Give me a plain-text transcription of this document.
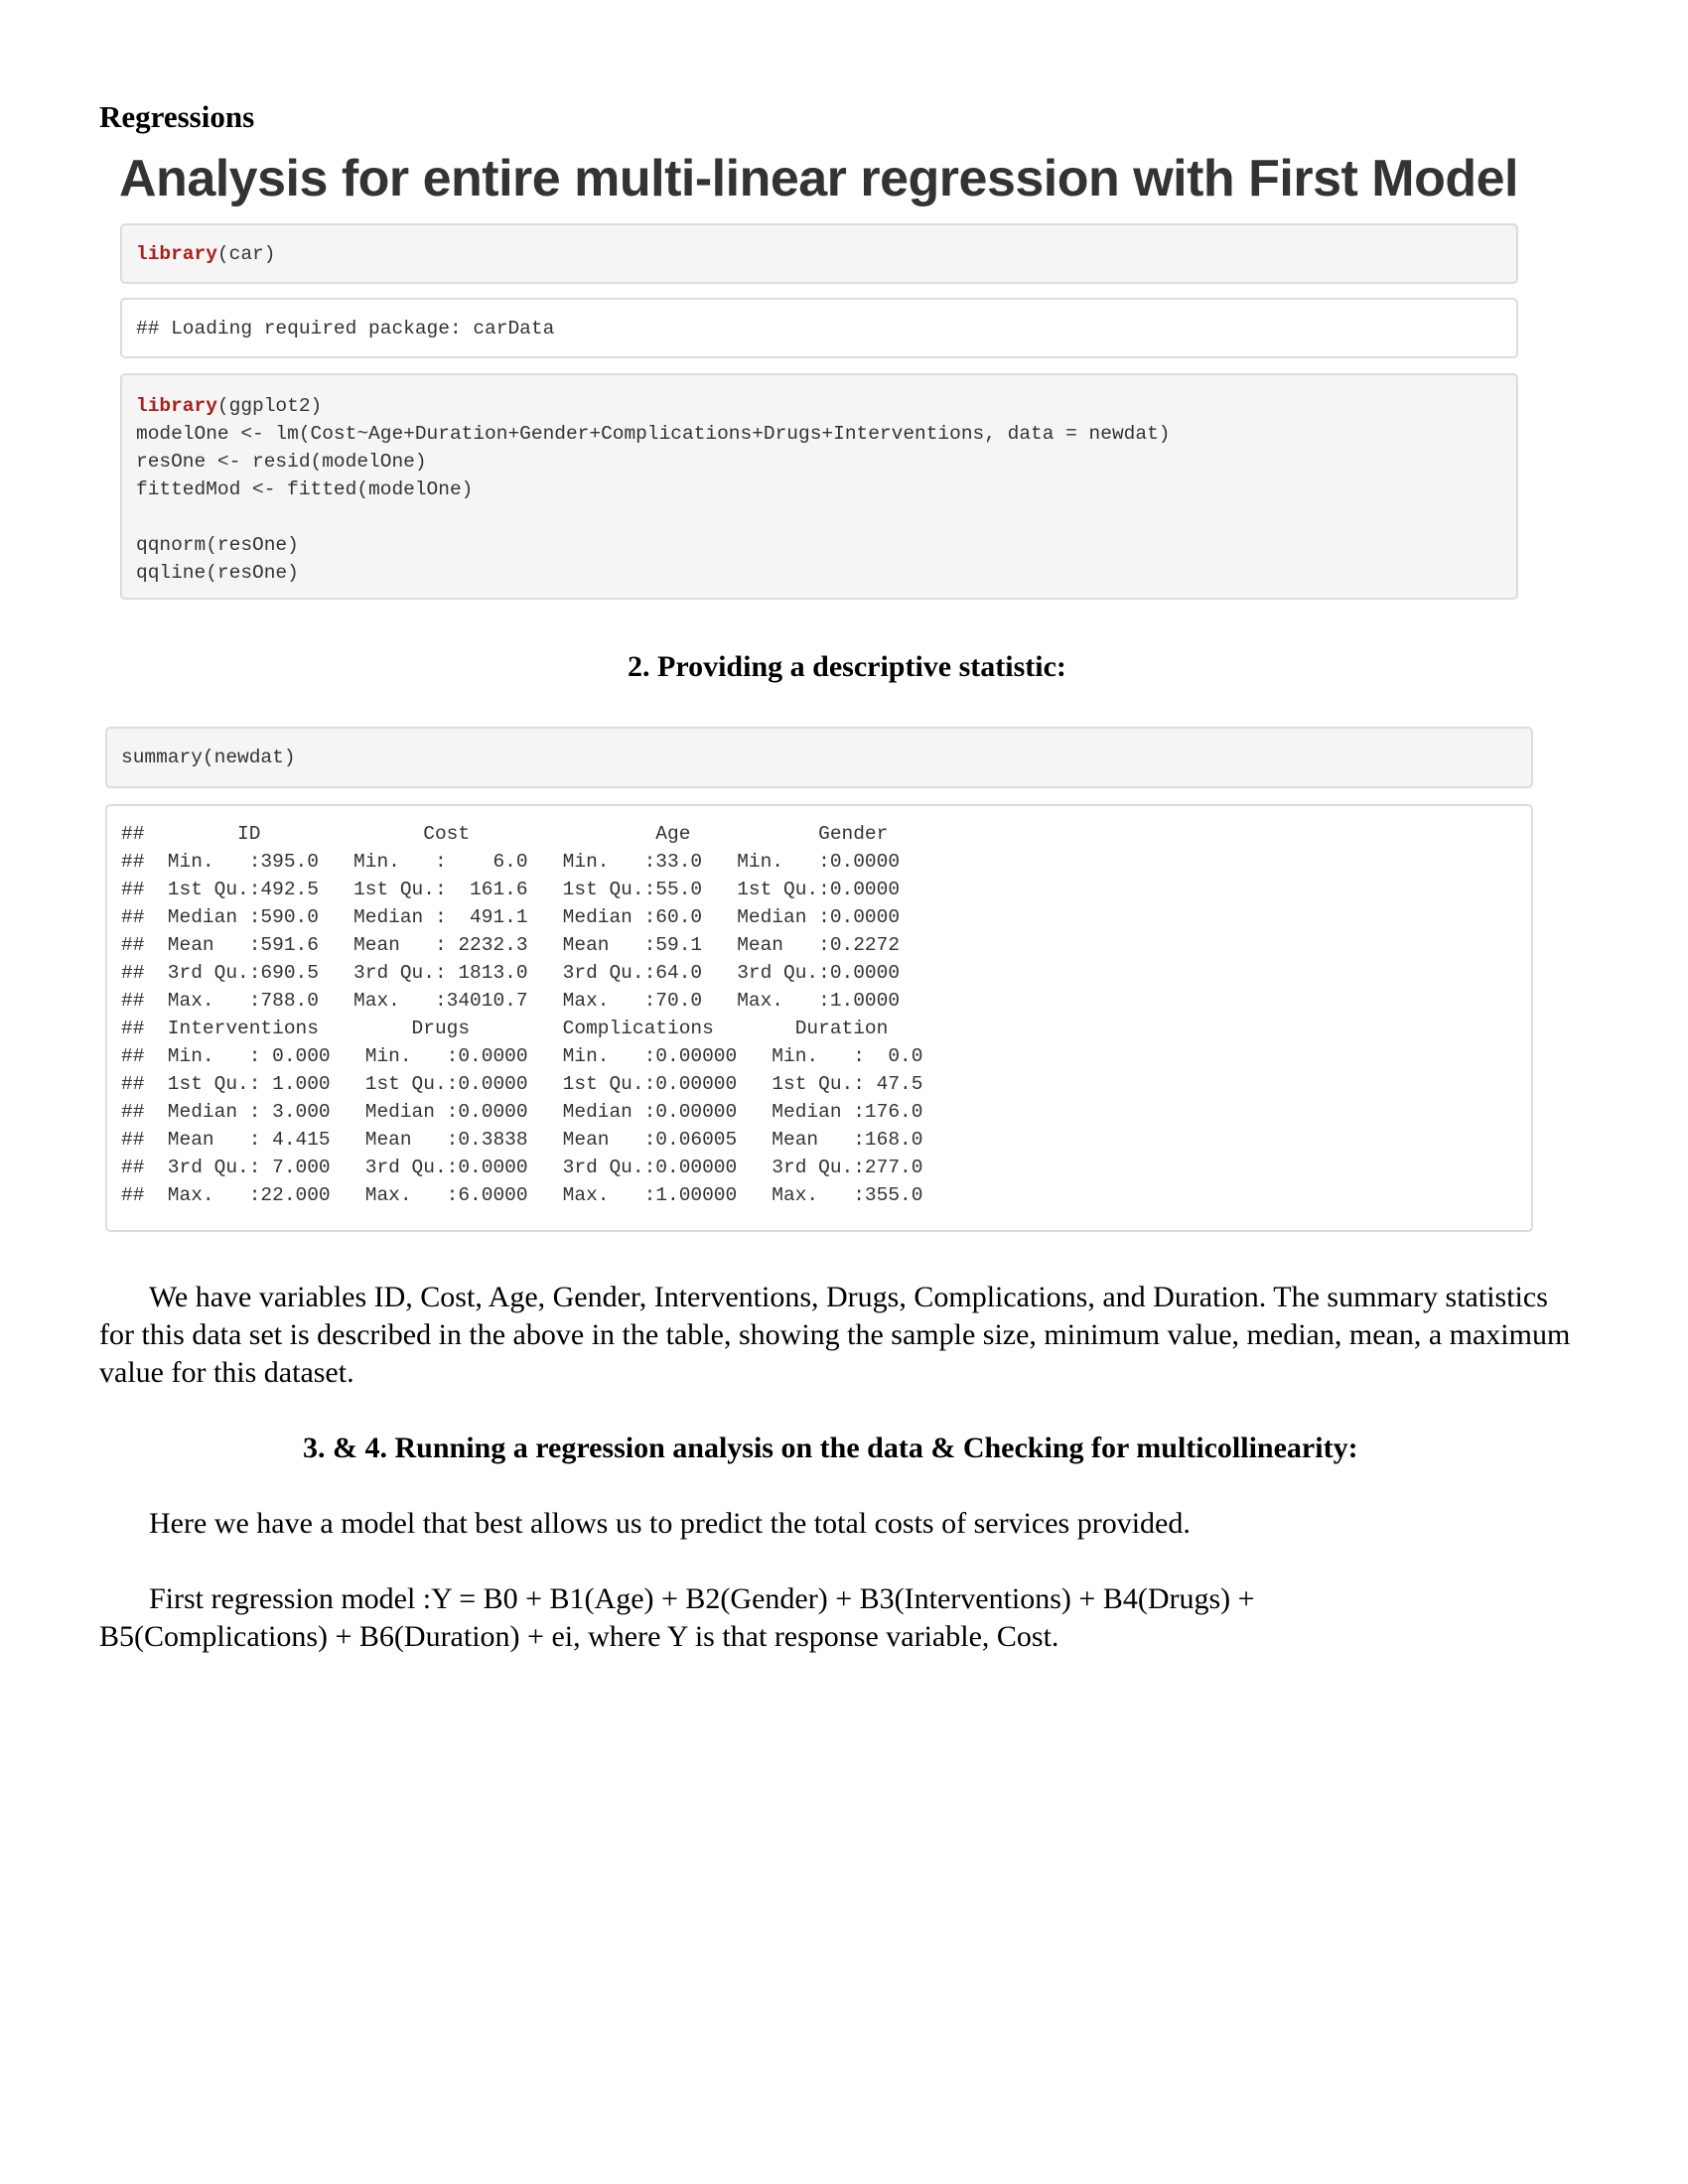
Regressions
Analysis for entire multi-linear regression with First Model
library(car)
## Loading required package: carData
library(ggplot2)
modelOne <- lm(Cost~Age+Duration+Gender+Complications+Drugs+Interventions, data = newdat)
resOne <- resid(modelOne)
fittedMod <- fitted(modelOne)

qqnorm(resOne)
qqline(resOne)
2. Providing a descriptive statistic:
summary(newdat)
##        ID              Cost                Age           Gender
##  Min.   :395.0   Min.   :    6.0   Min.   :33.0   Min.   :0.0000
##  1st Qu.:492.5   1st Qu.:  161.6   1st Qu.:55.0   1st Qu.:0.0000
##  Median :590.0   Median :  491.1   Median :60.0   Median :0.0000
##  Mean   :591.6   Mean   : 2232.3   Mean   :59.1   Mean   :0.2272
##  3rd Qu.:690.5   3rd Qu.: 1813.0   3rd Qu.:64.0   3rd Qu.:0.0000
##  Max.   :788.0   Max.   :34010.7   Max.   :70.0   Max.   :1.0000
##  Interventions        Drugs        Complications       Duration
##  Min.   : 0.000   Min.   :0.0000   Min.   :0.00000   Min.   :  0.0
##  1st Qu.: 1.000   1st Qu.:0.0000   1st Qu.:0.00000   1st Qu.: 47.5
##  Median : 3.000   Median :0.0000   Median :0.00000   Median :176.0
##  Mean   : 4.415   Mean   :0.3838   Mean   :0.06005   Mean   :168.0
##  3rd Qu.: 7.000   3rd Qu.:0.0000   3rd Qu.:0.00000   3rd Qu.:277.0
##  Max.   :22.000   Max.   :6.0000   Max.   :1.00000   Max.   :355.0
We have variables ID, Cost, Age, Gender, Interventions, Drugs, Complications, and Duration. The summary statistics for this data set is described in the above in the table, showing the sample size, minimum value, median, mean, a maximum value for this dataset.
3. & 4. Running a regression analysis on the data & Checking for multicollinearity:
Here we have a model that best allows us to predict the total costs of services provided.
First regression model :Y = B0 + B1(Age) + B2(Gender) + B3(Interventions) + B4(Drugs) + B5(Complications) + B6(Duration) + ei, where Y is that response variable, Cost.
